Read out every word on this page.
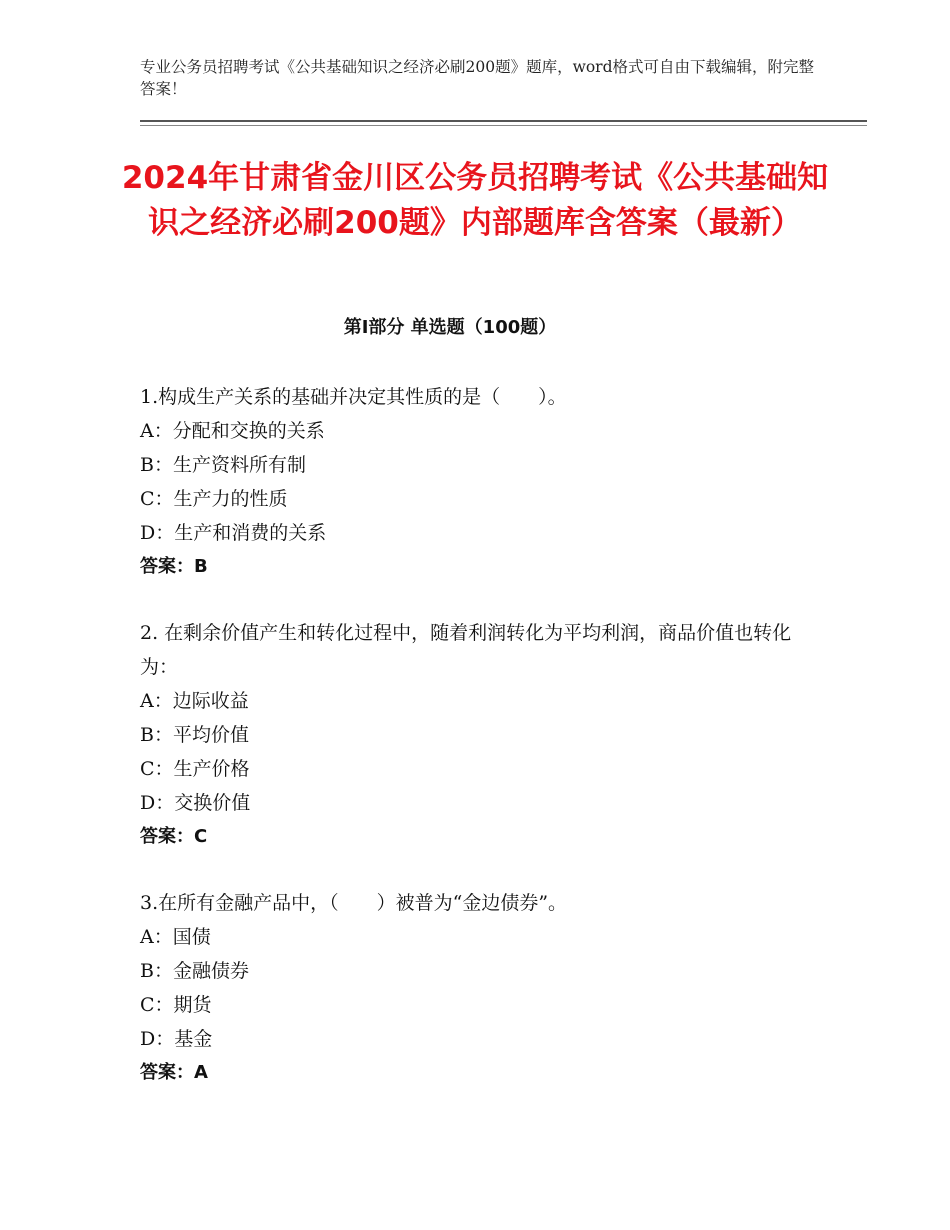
专业公务员招聘考试《公共基础知识之经济必刷200题》题库，word格式可自由下载编辑，附完整答案！
2024年甘肃省金川区公务员招聘考试《公共基础知识之经济必刷200题》内部题库含答案（最新）
第Ⅰ部分 单选题（100题）
1.构成生产关系的基础并决定其性质的是（　　）。
A：分配和交换的关系
B：生产资料所有制
C：生产力的性质
D：生产和消费的关系
答案：B
2. 在剩余价值产生和转化过程中，随着利润转化为平均利润，商品价值也转化为：
A：边际收益
B：平均价值
C：生产价格
D：交换价值
答案：C
3.在所有金融产品中，（　　）被普为“金边债券”。
A：国债
B：金融债券
C：期货
D：基金
答案：A
